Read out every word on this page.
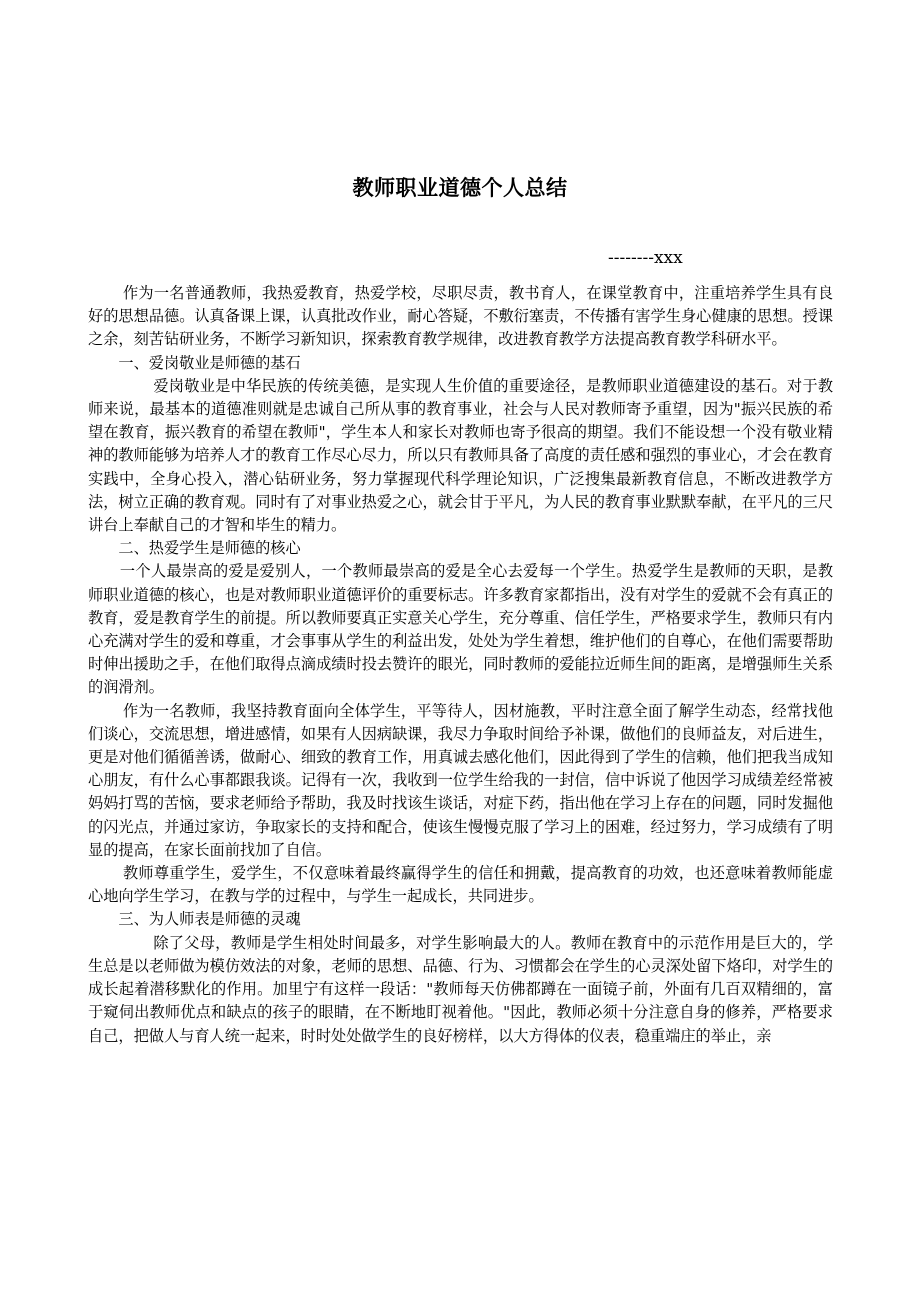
教师职业道德个人总结
--------xxx

作为一名普通教师，我热爱教育，热爱学校，尽职尽责，教书育人，在课堂教育中，注重培养学生具有良好的思想品德。认真备课上课，认真批改作业，耐心答疑，不敷衍塞责，不传播有害学生身心健康的思想。授课之余，刻苦钻研业务，不断学习新知识，探索教育教学规律，改进教育教学方法提高教育教学科研水平。

一、爱岗敬业是师德的基石

爱岗敬业是中华民族的传统美德，是实现人生价值的重要途径，是教师职业道德建设的基石。对于教师来说，最基本的道德准则就是忠诚自己所从事的教育事业，社会与人民对教师寄予重望，因为"振兴民族的希望在教育，振兴教育的希望在教师"，学生本人和家长对教师也寄予很高的期望。我们不能设想一个没有敬业精神的教师能够为培养人才的教育工作尽心尽力，所以只有教师具备了高度的责任感和强烈的事业心，才会在教育实践中，全身心投入，潜心钻研业务，努力掌握现代科学理论知识，广泛搜集最新教育信息，不断改进教学方法，树立正确的教育观。同时有了对事业热爱之心，就会甘于平凡，为人民的教育事业默默奉献，在平凡的三尺讲台上奉献自己的才智和毕生的精力。

二、热爱学生是师德的核心

一个人最崇高的爱是爱别人，一个教师最崇高的爱是全心去爱每一个学生。热爱学生是教师的天职，是教师职业道德的核心，也是对教师职业道德评价的重要标志。许多教育家都指出，没有对学生的爱就不会有真正的教育，爱是教育学生的前提。所以教师要真正实意关心学生，充分尊重、信任学生，严格要求学生，教师只有内心充满对学生的爱和尊重，才会事事从学生的利益出发，处处为学生着想，维护他们的自尊心，在他们需要帮助时伸出援助之手，在他们取得点滴成绩时投去赞许的眼光，同时教师的爱能拉近师生间的距离，是增强师生关系的润滑剂。

作为一名教师，我坚持教育面向全体学生，平等待人，因材施教，平时注意全面了解学生动态，经常找他们谈心，交流思想，增进感情，如果有人因病缺课，我尽力争取时间给予补课，做他们的良师益友，对后进生，更是对他们循循善诱，做耐心、细致的教育工作，用真诚去感化他们，因此得到了学生的信赖，他们把我当成知心朋友，有什么心事都跟我谈。记得有一次，我收到一位学生给我的一封信，信中诉说了他因学习成绩差经常被妈妈打骂的苦恼，要求老师给予帮助，我及时找该生谈话，对症下药，指出他在学习上存在的问题，同时发掘他的闪光点，并通过家访，争取家长的支持和配合，使该生慢慢克服了学习上的困难，经过努力，学习成绩有了明显的提高，在家长面前找加了自信。

教师尊重学生，爱学生，不仅意味着最终赢得学生的信任和拥戴，提高教育的功效，也还意味着教师能虚心地向学生学习，在教与学的过程中，与学生一起成长，共同进步。

三、为人师表是师德的灵魂

除了父母，教师是学生相处时间最多，对学生影响最大的人。教师在教育中的示范作用是巨大的，学生总是以老师做为模仿效法的对象，老师的思想、品德、行为、习惯都会在学生的心灵深处留下烙印，对学生的成长起着潜移默化的作用。加里宁有这样一段话："教师每天仿佛都蹲在一面镜子前，外面有几百双精细的，富于窥伺出教师优点和缺点的孩子的眼睛，在不断地盯视着他。"因此，教师必须十分注意自身的修养，严格要求自己，把做人与育人统一起来，时时处处做学生的良好榜样，以大方得体的仪表，稳重端庄的举止，亲
